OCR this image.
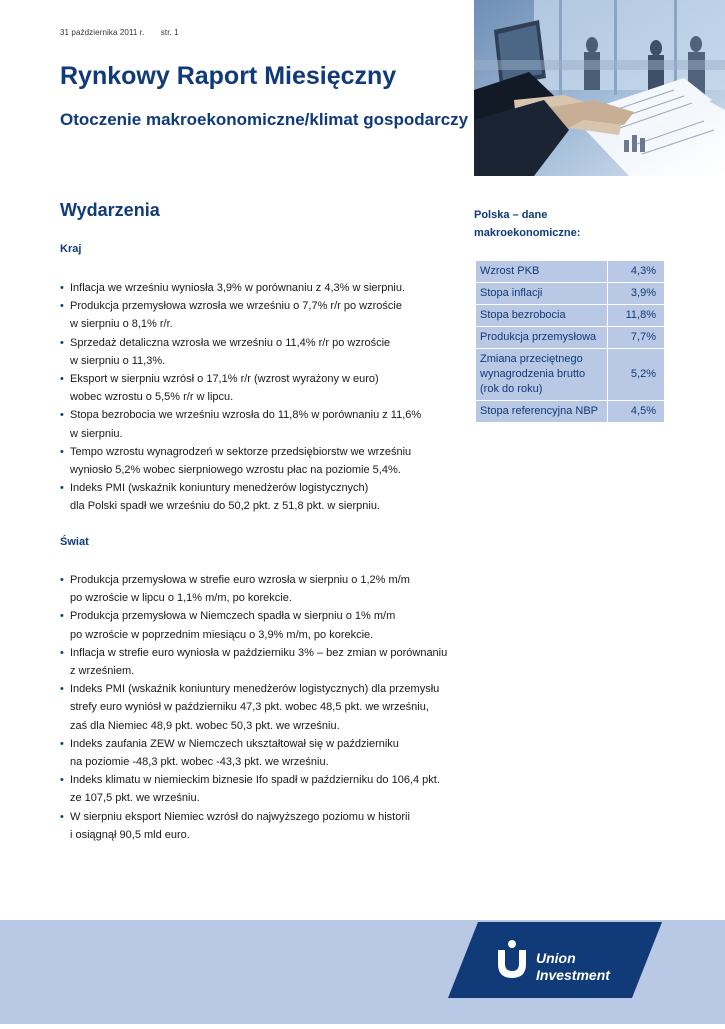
31 października 2011 r. str. 1
Rynkowy Raport Miesięczny
Otoczenie makroekonomiczne/klimat gospodarczy
Wydarzenia
Kraj
• Inflacja we wrześniu wyniosła 3,9% w porównaniu z 4,3% w sierpniu.
• Produkcja przemysłowa wzrosła we wrześniu o 7,7% r/r po wzroście
w sierpniu o 8,1% r/r.
• Sprzedaż detaliczna wzrosła we wrześniu o 11,4% r/r po wzroście
w sierpniu o 11,3%.
• Eksport w sierpniu wzrósł o 17,1% r/r (wzrost wyrażony w euro)
wobec wzrostu o 5,5% r/r w lipcu.
• Stopa bezrobocia we wrześniu wzrosła do 11,8% w porównaniu z 11,6%
w sierpniu.
• Tempo wzrostu wynagrodzeń w sektorze przedsiębiorstw we wrześniu
wyniosło 5,2% wobec sierpniowego wzrostu płac na poziomie 5,4%.
• Indeks PMI (wskaźnik koniuntury menedżerów logistycznych)
dla Polski spadł we wrześniu do 50,2 pkt. z 51,8 pkt. w sierpniu.
Świat
• Produkcja przemysłowa w strefie euro wzrosła w sierpniu o 1,2% m/m
po wzroście w lipcu o 1,1% m/m, po korekcie.
• Produkcja przemysłowa w Niemczech spadła w sierpniu o 1% m/m
po wzroście w poprzednim miesiącu o 3,9% m/m, po korekcie.
• Inflacja w strefie euro wyniosła w październiku 3% – bez zmian w porównaniu
z wrześniem.
• Indeks PMI (wskaźnik koniuntury menedżerów logistycznych) dla przemysłu
strefy euro wyniósł w październiku 47,3 pkt. wobec 48,5 pkt. we wrześniu,
zaś dla Niemiec 48,9 pkt. wobec 50,3 pkt. we wrześniu.
• Indeks zaufania ZEW w Niemczech ukształtował się w październiku
na poziomie -48,3 pkt. wobec -43,3 pkt. we wrześniu.
• Indeks klimatu w niemieckim biznesie Ifo spadł w październiku do 106,4 pkt.
ze 107,5 pkt. we wrześniu.
• W sierpniu eksport Niemiec wzrósł do najwyższego poziomu w historii
i osiągnął 90,5 mld euro.
Polska – dane
makroekonomiczne:
Wzrost PKB	4,3%

Stopa inflacji	3,9%

Stopa bezrobocia	11,8%

Produkcja przemysłowa	7,7%

Zmiana przeciętnego
wynagrodzenia brutto
(rok do roku)	5,2%

Stopa referencyjna NBP	4,5%
Union
Investment
